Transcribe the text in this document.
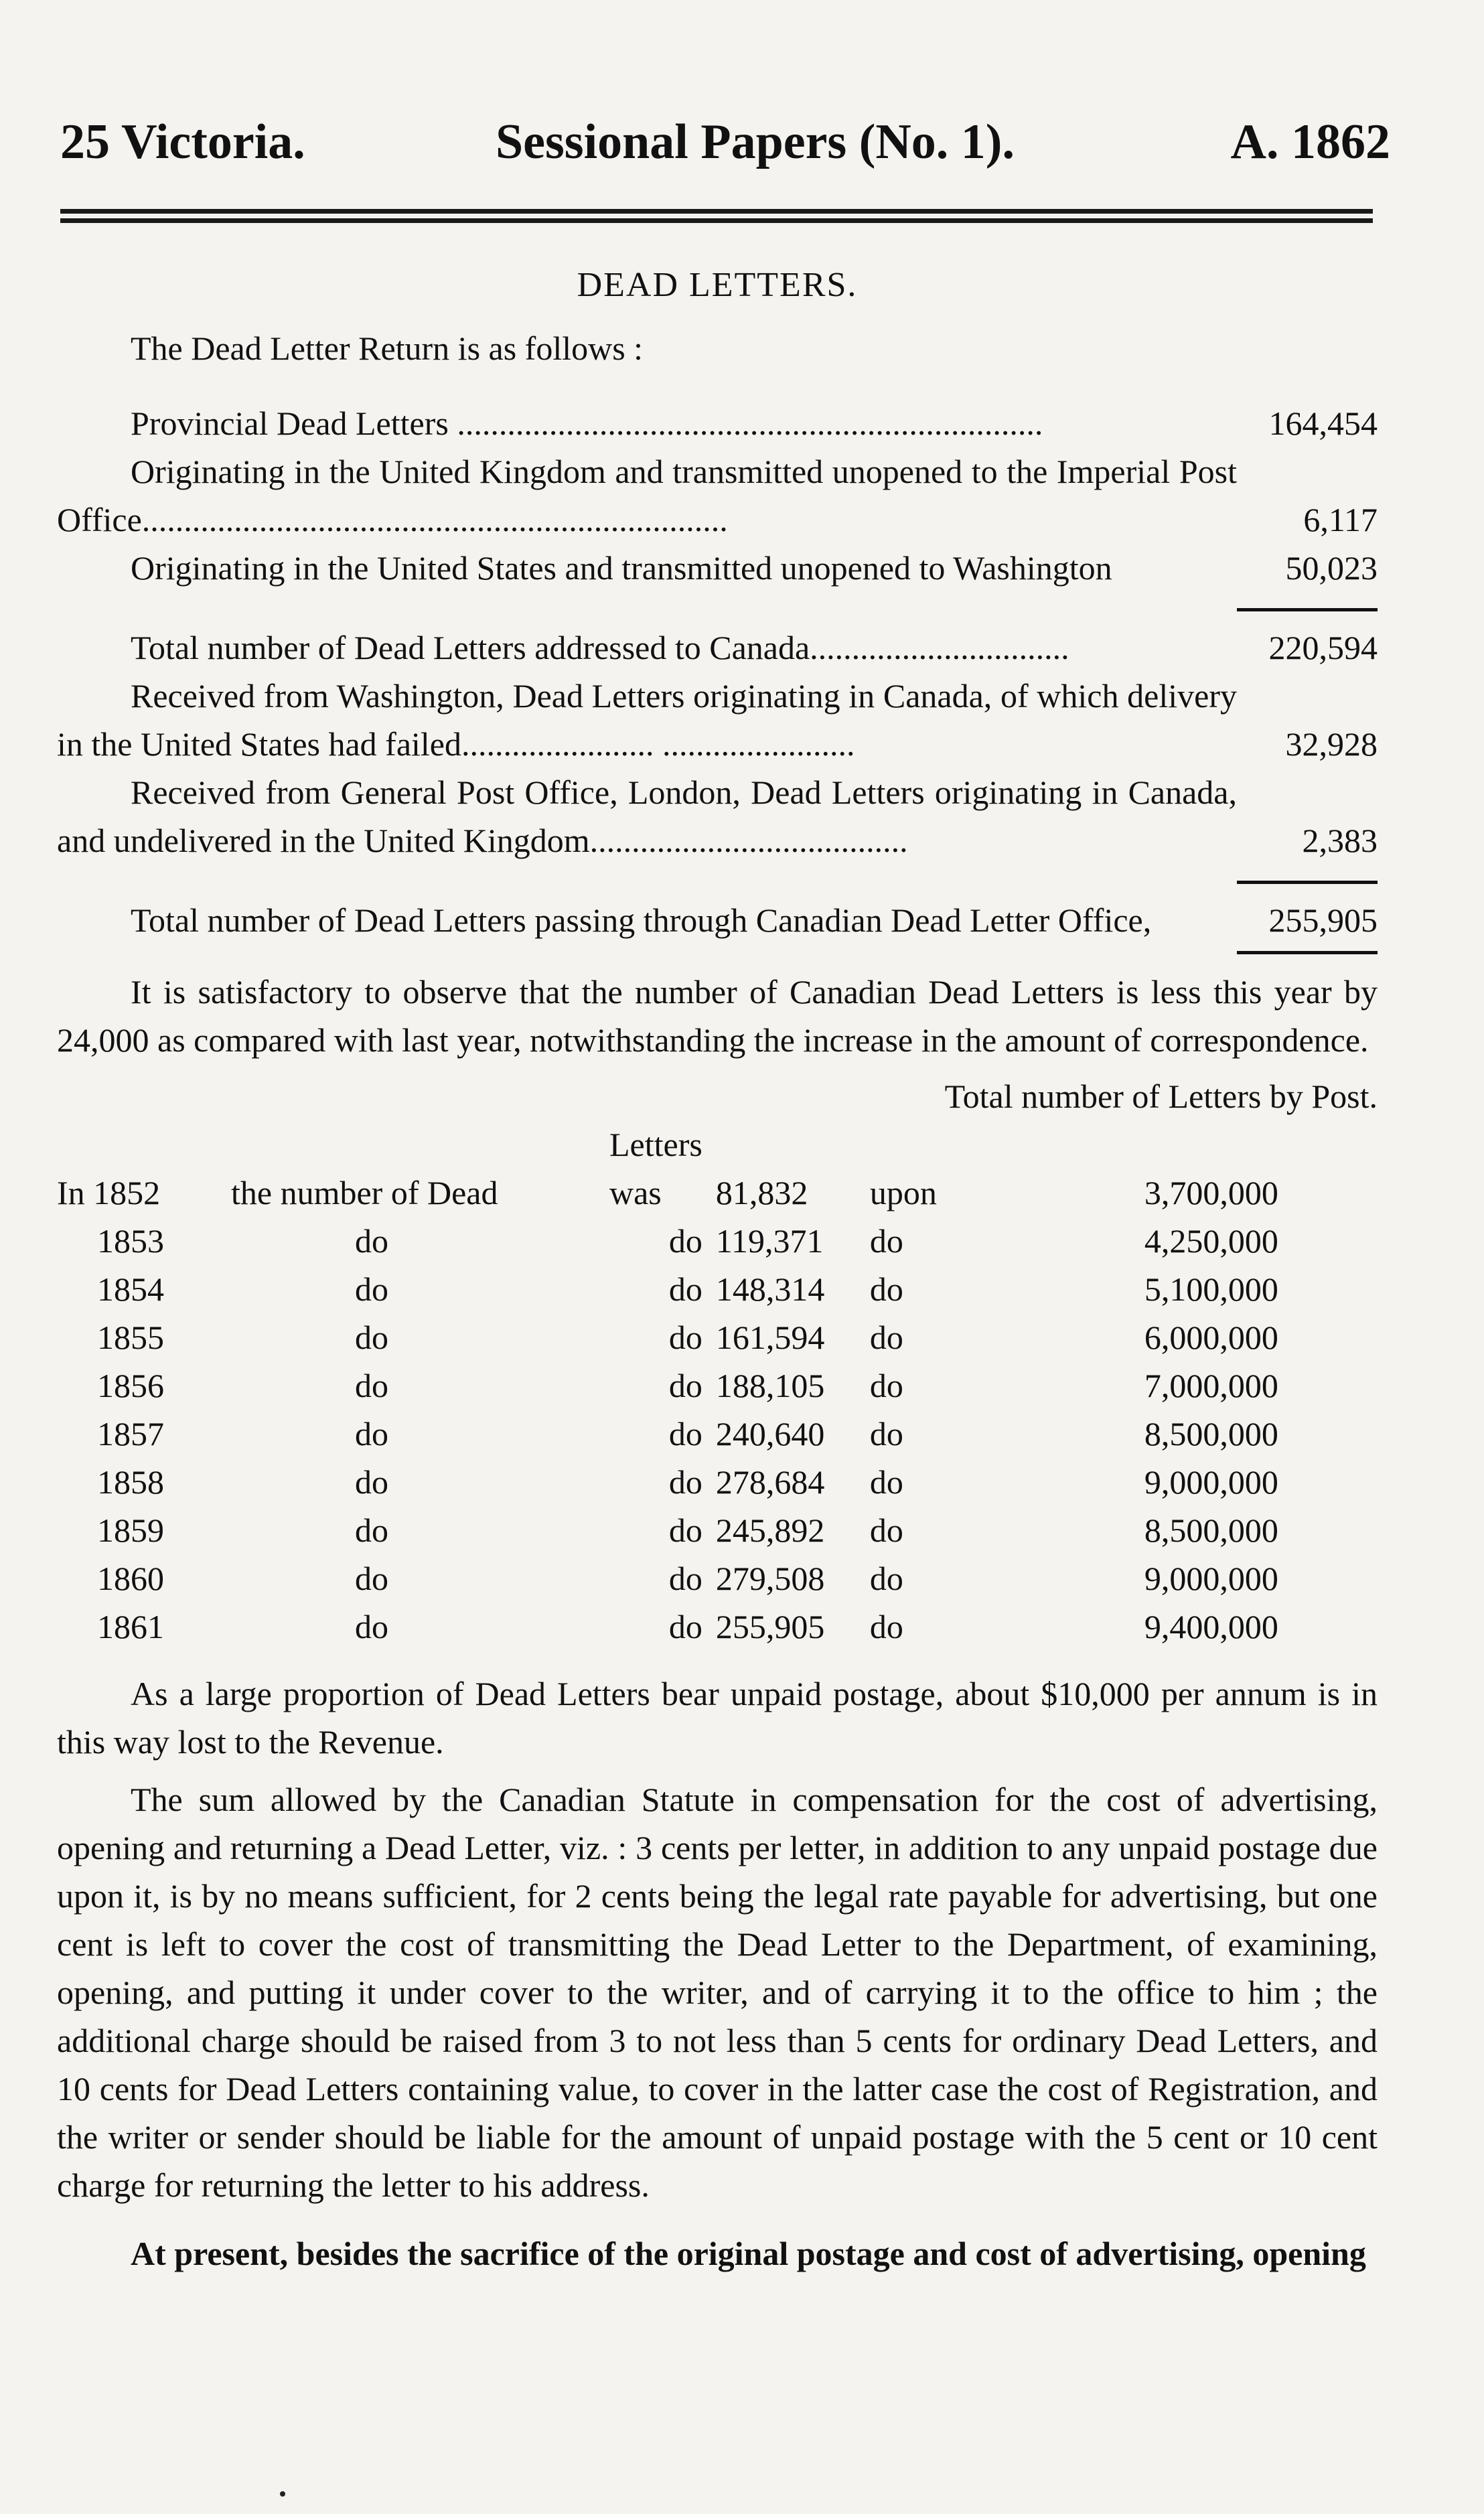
25 Victoria.	Sessional Papers (No. 1).	A. 1862
DEAD LETTERS.
The Dead Letter Return is as follows :
Provincial Dead Letters ......................................................................	164,454
Originating in the United Kingdom and transmitted unopened to the Imperial Post Office......................................................................	6,117
Originating in the United States and transmitted unopened to Washington	50,023
Total number of Dead Letters addressed to Canada...............................	220,594
Received from Washington, Dead Letters originating in Canada, of which delivery in the United States had failed....................... .......................	32,928
Received from General Post Office, London, Dead Letters originating in Canada, and undelivered in the United Kingdom......................................	2,383
Total number of Dead Letters passing through Canadian Dead Letter Office,	255,905

It is satisfactory to observe that the number of Canadian Dead Letters is less this year by 24,000 as compared with last year, notwithstanding the increase in the amount of correspondence.

Total number of Letters by Post.
In 1852	the number of Dead	Letters was	81,832	upon	3,700,000
1853	do	do	119,371	do	4,250,000
1854	do	do	148,314	do	5,100,000
1855	do	do	161,594	do	6,000,000
1856	do	do	188,105	do	7,000,000
1857	do	do	240,640	do	8,500,000
1858	do	do	278,684	do	9,000,000
1859	do	do	245,892	do	8,500,000
1860	do	do	279,508	do	9,000,000
1861	do	do	255,905	do	9,400,000

As a large proportion of Dead Letters bear unpaid postage, about $10,000 per annum is in this way lost to the Revenue.

The sum allowed by the Canadian Statute in compensation for the cost of advertising, opening and returning a Dead Letter, viz. : 3 cents per letter, in addition to any unpaid postage due upon it, is by no means sufficient, for 2 cents being the legal rate payable for advertising, but one cent is left to cover the cost of transmitting the Dead Letter to the Department, of examining, opening, and putting it under cover to the writer, and of carrying it to the office to him ; the additional charge should be raised from 3 to not less than 5 cents for ordinary Dead Letters, and 10 cents for Dead Letters containing value, to cover in the latter case the cost of Registration, and the writer or sender should be liable for the amount of unpaid postage with the 5 cent or 10 cent charge for returning the letter to his address.

At present, besides the sacrifice of the original postage and cost of advertising, opening
